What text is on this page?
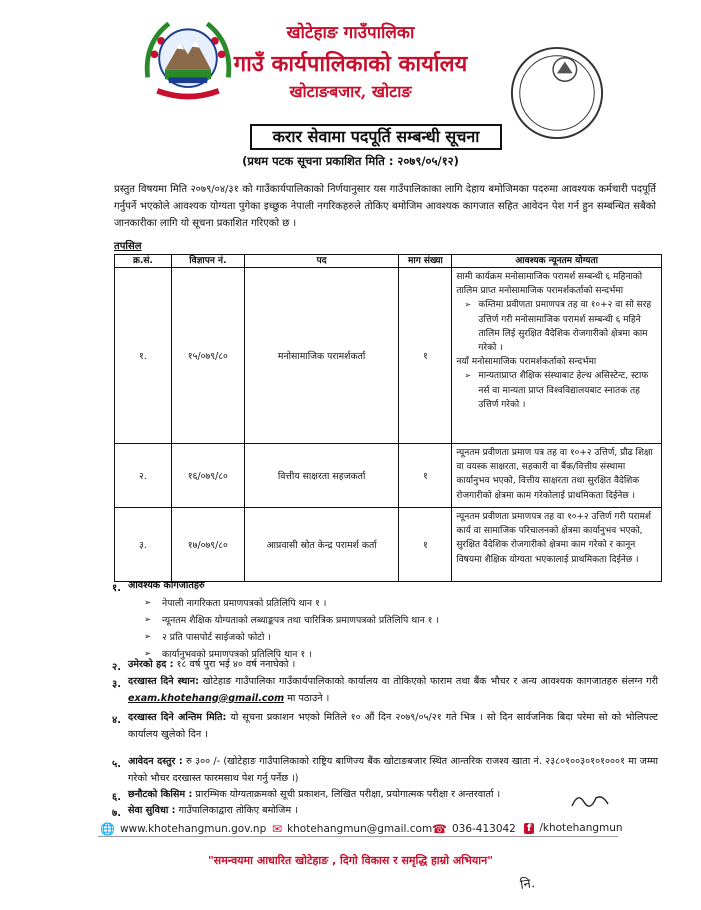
खोटेहाङ गाउँपालिका
गाउँ कार्यपालिकाको कार्यालय
खोटाङबजार, खोटाङ
करार सेवामा पदपूर्ति सम्बन्धी सूचना
(प्रथम पटक सूचना प्रकाशित मिति : २०७९/०५/१२)
प्रस्तुत विषयमा मिति २०७९/०४/३१ को गाउँकार्यपालिकाको निर्णयानुसार यस गाउँपालिकाका लागि देहाय बमोजिमका पदरुमा आवश्यक कर्मचारी पदपूर्ति गर्नुपर्ने भएकोले आवश्यक योग्यता पुगेका इच्छुक नेपाली नगरिकहरुले तोकिए बमोजिम आवश्यक कागजात सहित आवेदन पेश गर्न हुन सम्बन्धित सबैको जानकारीका लागि यो सूचना प्रकाशित गरिएको छ ।
तपसिल
क्र.सं.	विज्ञापन नं.	पद	माग संख्या	आवश्यक न्यूनतम योग्यता
१.	१५/०७९/८०	मनोसामाजिक परामर्शकर्ता	१	सामी कार्यक्रम मनोसामाजिक परामर्श सम्बन्धी ६ महिनाको तालिम प्राप्त मनोसामाजिक परामर्शकर्ताको सन्दर्भमा
➢ कम्तिमा प्रवीणता प्रमाणपत्र तह वा १०+२ वा सो सरह उत्तिर्ण गरी मनोसामाजिक परामर्श सम्बन्धी ६ महिने तालिम लिई सुरक्षित वैदेशिक रोजगारीको क्षेत्रमा काम गरेको ।
नयाँ मनोसामाजिक परामर्शकर्ताको सन्दर्भमा
➢ मान्यताप्राप्त शैक्षिक संस्थाबाट हेल्थ असिस्टेन्ट, स्टाफ नर्स वा मान्यता प्राप्त विश्वविद्यालयबाट स्नातक तह उत्तिर्ण गरेको ।

२.	१६/०७९/८०	वित्तीय साक्षरता सहजकर्ता	१	न्यूनतम प्रवीणता प्रमाण पत्र तह वा १०+२ उत्तिर्ण, प्रौढ शिक्षा वा वयस्क साक्षरता, सहकारी वा बैंक/वित्तीय संस्थामा कार्यानुभव भएको, वित्तीय साक्षरता तथा सुरक्षित वैदेशिक रोजगारीको क्षेत्रमा काम गरेकोलाई प्राथमिकता दिईनेछ ।
३.	१७/०७९/८०	आप्रवासी स्रोत केन्द्र परामर्श कर्ता	१	न्यूनतम प्रवीणता प्रमाणपत्र तह वा १०+२ उत्तिर्ण गरी परामर्श कार्य वा सामाजिक परिचालनको क्षेत्रमा कार्यानुभव भएको, सुरक्षित वैदेशिक रोजगारीको क्षेत्रमा काम गरेको र कानून विषयमा शैक्षिक योग्यता भएकालाई प्राथमिकता दिईनेछ ।
१. आवश्यक कागजातहरु
➢ नेपाली नागरिकता प्रमाणपत्रको प्रतिलिपि थान १ ।
➢ न्यूनतम शैक्षिक योग्यताको लब्धाङ्कपत्र तथा चारित्रिक प्रमाणपत्रको प्रतिलिपि थान १ ।
➢ २ प्रति पासपोर्ट साईजको फोटो ।
➢ कार्यानुभवको प्रमाणपत्रको प्रतिलिपि थान १ ।
२. उमेरको हद : १८ वर्ष पुरा भई ४० वर्ष ननाघेको ।
३. दरखास्त दिने स्थान: खोटेहाङ गाउँपालिका गाउँकार्यपालिकाको कार्यालय वा तोकिएको फाराम तथा बैंक भौचर र अन्य आवश्यक कागजातहरु संलग्न गरी exam.khotehang@gmail.com मा पठाउने ।
४. दरखास्त दिने अन्तिम मिति: यो सूचना प्रकाशन भएको मितिले १० औं दिन २०७९/०५/२१ गते भित्र । सो दिन सार्वजनिक बिदा परेमा सो को भोलिपल्ट कार्यालय खुलेको दिन ।
५. आवेदन दस्तुर : रु ३०० /- (खोटेहाङ गाउँपालिकाको राष्ट्रिय बाणिज्य बैंक खोटाङबजार स्थित आन्तरिक राजश्व खाता नं. २३८०१००३०१०१०००१ मा जम्मा गरेको भौचर दरखास्त फारमसाथ पेश गर्नु पर्नेछ ।)
६. छनौटको किसिम : प्रारम्भिक योग्यताक्रमको सूची प्रकाशन, लिखित परीक्षा, प्रयोगात्मक परीक्षा र अन्तरवार्ता ।
७. सेवा सुविधा : गाउँपालिकाद्वारा तोकिए बमोजिम ।
🌐 www.khotehangmun.gov.np ✉ khotehangmun@gmail.com ☎ 036-413042	f /khotehangmun
"समन्वयमा आधारित खोटेहाङ , दिगो विकास र समृद्धि हाम्रो अभियान"
नि.
